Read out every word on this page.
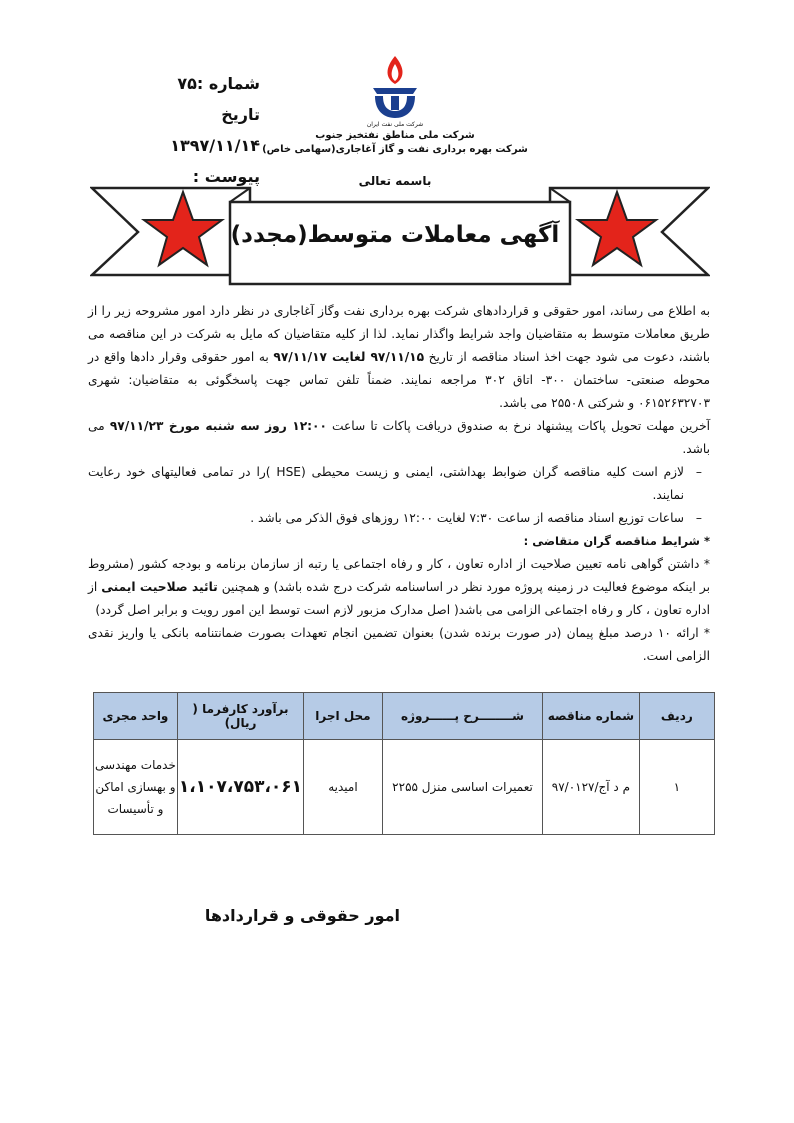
شماره :۷۵
تاریخ ۱۳۹۷/۱۱/۱۴
پیوست :
شرکت ملی نفت ایران
شرکت ملی مناطق نفتخیز جنوب
شرکت بهره برداری نفت و گاز آغاجاری(سهامی خاص)
باسمه تعالی
آگهی معاملات متوسط(مجدد)

به اطلاع می رساند، امور حقوقی و قراردادهای شرکت بهره برداری نفت وگاز آغاجاری در نظر دارد امور مشروحه زیر را از طریق معاملات متوسط به متقاضیان واجد شرایط واگذار نماید. لذا از کلیه متقاضیان که مایل به شرکت در این مناقصه می باشند، دعوت می شود جهت اخذ اسناد مناقصه از تاریخ ۹۷/۱۱/۱۵ لغایت ۹۷/۱۱/۱۷ به امور حقوقی وقرار دادها واقع در محوطه صنعتی- ساختمان ۳۰۰- اتاق ۳۰۲ مراجعه نمایند. ضمناً تلفن تماس جهت پاسخگوئی به متقاضیان: شهری ۰۶۱۵۲۶۳۲۷۰۳ و شرکتی ۲۵۵۰۸ می باشد.

آخرین مهلت تحویل پاکات پیشنهاد نرخ به صندوق دریافت پاکات تا ساعت ۱۲:۰۰ روز سه شنبه مورخ ۹۷/۱۱/۲۳ می باشد.

–
لازم است کلیه مناقصه گران ضوابط بهداشتی، ایمنی و زیست محیطی (HSE )را در تمامی فعالیتهای خود رعایت نمایند.

–
ساعات توزیع اسناد مناقصه از ساعت ۷:۳۰ لغایت ۱۲:۰۰ روزهای فوق الذکر می باشد .

* شرایط مناقصه گران متقاضی :

* داشتن گواهی نامه تعیین صلاحیت از اداره تعاون ، کار و رفاه اجتماعی یا رتبه از سازمان برنامه و بودجه کشور (مشروط بر اینکه موضوع فعالیت در زمینه پروژه مورد نظر در اساسنامه شرکت درج شده باشد) و همچنین تائید صلاحیت ایمنی از اداره تعاون ، کار و رفاه اجتماعی الزامی می باشد( اصل مدارک مزبور لازم است توسط این امور رویت و برابر اصل گردد)

* ارائه ۱۰ درصد مبلغ پیمان (در صورت برنده شدن) بعنوان تضمین انجام تعهدات بصورت ضمانتنامه بانکی یا واریز نقدی الزامی است.

ردیف	شماره مناقصه	شــــــــرح پــــــروژه	محل اجرا	برآورد کارفرما ( ریال)	واحد مجری
۱	م د آج/۹۷/۰۱۲۷	تعمیرات اساسی منزل ۲۲۵۵	امیدیه	۱،۱۰۷،۷۵۳،۰۶۱	خدمات مهندسی و بهسازی اماکن و تأسیسات
امور حقوقی و قراردادها
